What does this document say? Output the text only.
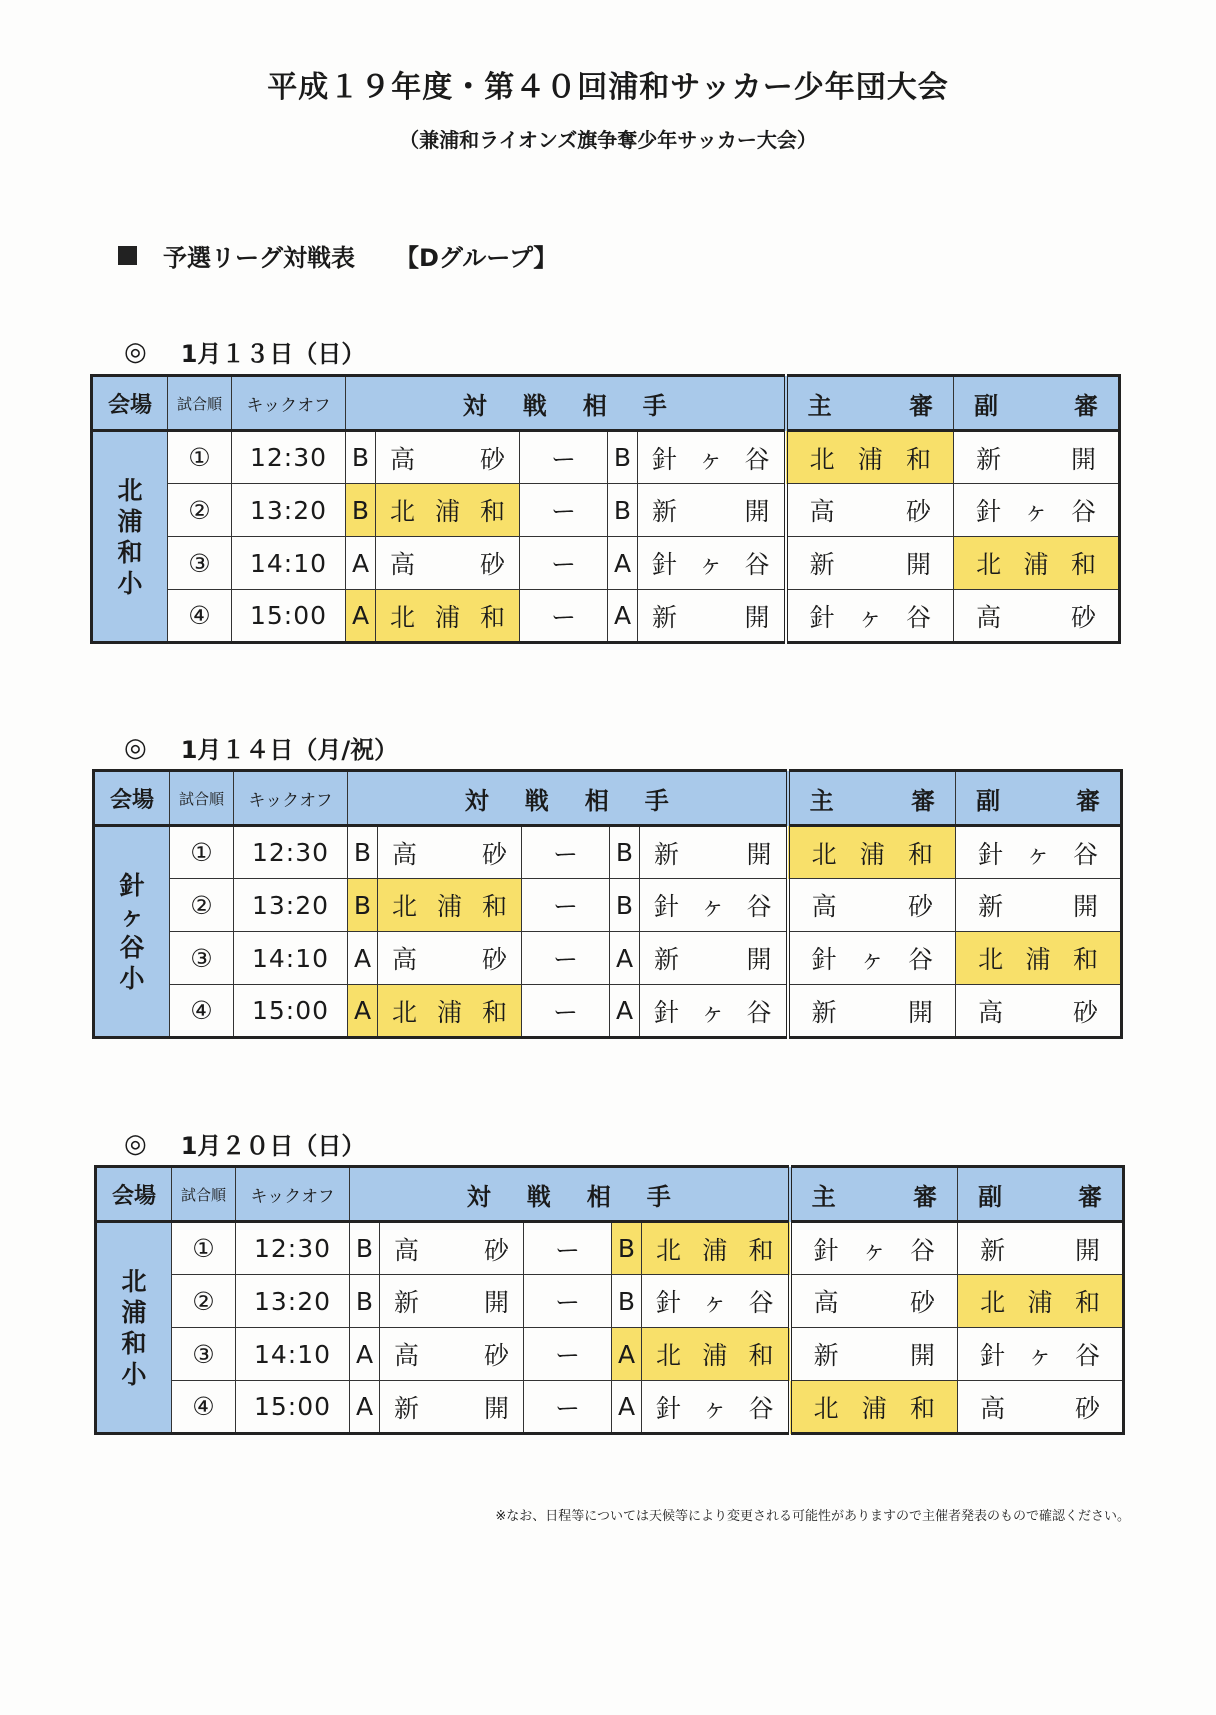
平成１９年度・第４０回浦和サッカー少年団大会
（兼浦和ライオンズ旗争奪少年サッカー大会）
予選リーグ対戦表 【Dグループ】
◎ 1月１３日（日）
会場	試合順	キックオフ	対戦相手					主 審	副 審

北浦和小	①	12:30	B	高 砂	ー	B	針 ヶ 谷	北 浦 和	新 開

	②	13:20	B	北 浦 和	ー	B	新 開	高 砂	針 ヶ 谷

	③	14:10	A	高 砂	ー	A	針 ヶ 谷	新 開	北 浦 和

	④	15:00	A	北 浦 和	ー	A	新 開	針 ヶ 谷	高 砂
◎ 1月１４日（月/祝）
会場	試合順	キックオフ	対戦相手					主 審	副 審

針ヶ谷小	①	12:30	B	高 砂	ー	B	新 開	北 浦 和	針 ヶ 谷

	②	13:20	B	北 浦 和	ー	B	針 ヶ 谷	高 砂	新 開

	③	14:10	A	高 砂	ー	A	新 開	針 ヶ 谷	北 浦 和

	④	15:00	A	北 浦 和	ー	A	針 ヶ 谷	新 開	高 砂
◎ 1月２０日（日）
会場	試合順	キックオフ	対戦相手					主 審	副 審

北浦和小	①	12:30	B	高 砂	ー	B	北 浦 和	針 ヶ 谷	新 開

	②	13:20	B	新 開	ー	B	針 ヶ 谷	高 砂	北 浦 和

	③	14:10	A	高 砂	ー	A	北 浦 和	新 開	針 ヶ 谷

	④	15:00	A	新 開	ー	A	針 ヶ 谷	北 浦 和	高 砂
※なお、日程等については天候等により変更される可能性がありますので主催者発表のもので確認ください。
